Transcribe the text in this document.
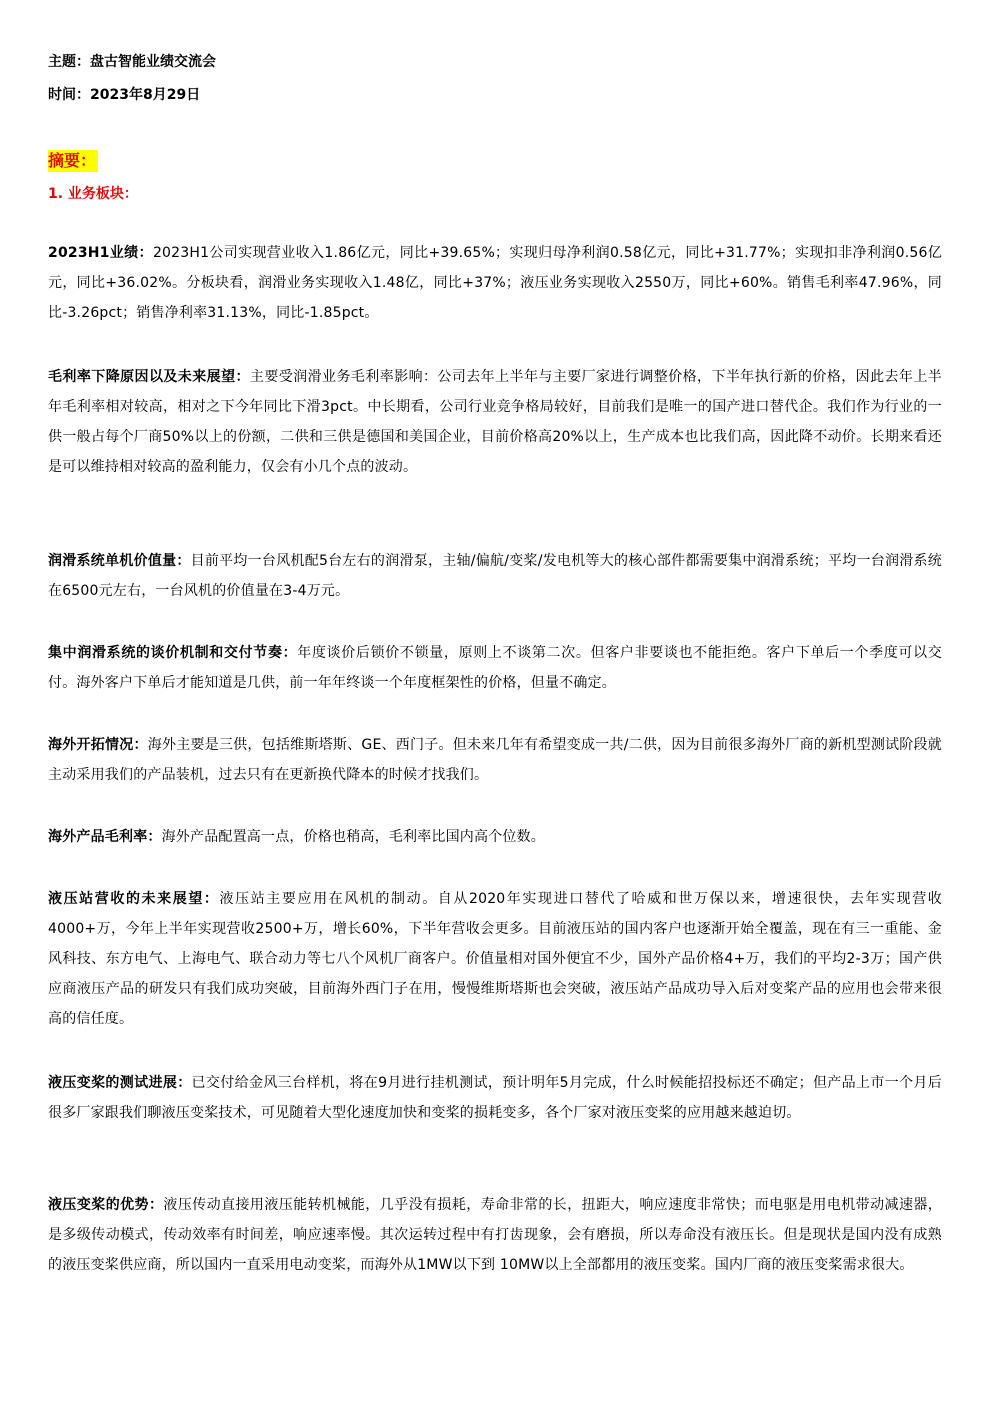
主题：盘古智能业绩交流会
时间：2023年8月29日
摘要：
1. 业务板块：
2023H1业绩：2023H1公司实现营业收入1.86亿元，同比+39.65%；实现归母净利润0.58亿元，同比+31.77%；实现扣非净利润0.56亿元，同比+36.02%。分板块看，润滑业务实现收入1.48亿，同比+37%；液压业务实现收入2550万，同比+60%。销售毛利率47.96%，同比-3.26pct；销售净利率31.13%，同比-1.85pct。
毛利率下降原因以及未来展望：主要受润滑业务毛利率影响：公司去年上半年与主要厂家进行调整价格，下半年执行新的价格，因此去年上半年毛利率相对较高，相对之下今年同比下滑3pct。中长期看，公司行业竞争格局较好，目前我们是唯一的国产进口替代企。我们作为行业的一供一般占每个厂商50%以上的份额，二供和三供是德国和美国企业，目前价格高20%以上，生产成本也比我们高，因此降不动价。长期来看还是可以维持相对较高的盈利能力，仅会有小几个点的波动。
润滑系统单机价值量：目前平均一台风机配5台左右的润滑泵，主轴/偏航/变桨/发电机等大的核心部件都需要集中润滑系统；平均一台润滑系统在6500元左右，一台风机的价值量在3-4万元。
集中润滑系统的谈价机制和交付节奏：年度谈价后锁价不锁量，原则上不谈第二次。但客户非要谈也不能拒绝。客户下单后一个季度可以交付。海外客户下单后才能知道是几供，前一年年终谈一个年度框架性的价格，但量不确定。
海外开拓情况：海外主要是三供，包括维斯塔斯、GE、西门子。但未来几年有希望变成一共/二供，因为目前很多海外厂商的新机型测试阶段就主动采用我们的产品装机，过去只有在更新换代降本的时候才找我们。
海外产品毛利率：海外产品配置高一点，价格也稍高，毛利率比国内高个位数。
液压站营收的未来展望：液压站主要应用在风机的制动。自从2020年实现进口替代了哈威和世万保以来，增速很快，去年实现营收4000+万，今年上半年实现营收2500+万，增长60%，下半年营收会更多。目前液压站的国内客户也逐渐开始全覆盖，现在有三一重能、金风科技、东方电气、上海电气、联合动力等七八个风机厂商客户。价值量相对国外便宜不少，国外产品价格4+万，我们的平均2-3万；国产供应商液压产品的研发只有我们成功突破，目前海外西门子在用，慢慢维斯塔斯也会突破，液压站产品成功导入后对变桨产品的应用也会带来很高的信任度。
液压变桨的测试进展：已交付给金风三台样机，将在9月进行挂机测试，预计明年5月完成，什么时候能招投标还不确定；但产品上市一个月后很多厂家跟我们聊液压变桨技术，可见随着大型化速度加快和变桨的损耗变多，各个厂家对液压变桨的应用越来越迫切。
液压变桨的优势：液压传动直接用液压能转机械能，几乎没有损耗，寿命非常的长，扭距大，响应速度非常快；而电驱是用电机带动减速器，是多级传动模式，传动效率有时间差，响应速率慢。其次运转过程中有打齿现象，会有磨损，所以寿命没有液压长。但是现状是国内没有成熟的液压变桨供应商，所以国内一直采用电动变桨，而海外从1MW以下到 10MW以上全部都用的液压变桨。国内厂商的液压变桨需求很大。
